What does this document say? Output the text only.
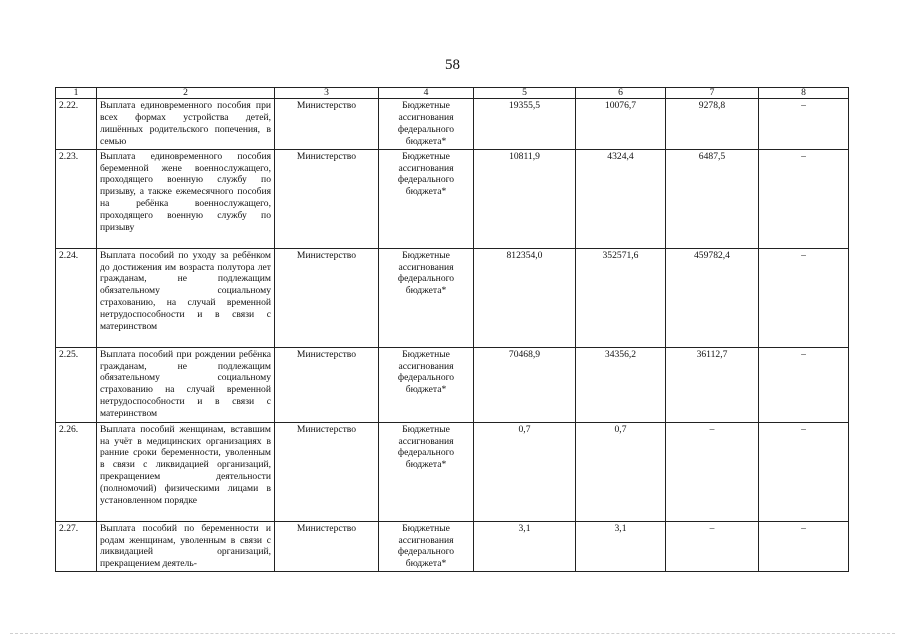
58
1	2	3	4	5	6	7	8
2.22.	Выплата единовременного пособия при всех формах устройства детей, лишённых родительского попечения, в семью	Министерство	Бюджетные ассигнования федерального бюджета*	19355,5	10076,7	9278,8	–
2.23.	Выплата единовременного пособия беременной жене военнослужащего, проходящего военную службу по призыву, а также ежемесячного пособия на ребёнка военнослужащего, проходящего военную службу по призыву	Министерство	Бюджетные ассигнования федерального бюджета*	10811,9	4324,4	6487,5	–
2.24.	Выплата пособий по уходу за ребёнком до достижения им возраста полутора лет гражданам, не подлежащим обязательному социальному страхованию, на случай временной нетрудоспособности и в связи с материнством	Министерство	Бюджетные ассигнования федерального бюджета*	812354,0	352571,6	459782,4	–
2.25.	Выплата пособий при рождении ребёнка гражданам, не подлежащим обязательному социальному страхованию на случай временной нетрудоспособности и в связи с материнством	Министерство	Бюджетные ассигнования федерального бюджета*	70468,9	34356,2	36112,7	–
2.26.	Выплата пособий женщинам, вставшим на учёт в медицинских организациях в ранние сроки беременности, уволенным в связи с ликвидацией организаций, прекращением деятельности (полномочий) физическими лицами в установленном порядке	Министерство	Бюджетные ассигнования федерального бюджета*	0,7	0,7	–	–
2.27.	Выплата пособий по беременности и родам женщинам, уволенным в связи с ликвидацией организаций, прекращением деятель-	Министерство	Бюджетные ассигнования федерального бюджета*	3,1	3,1	–	–
